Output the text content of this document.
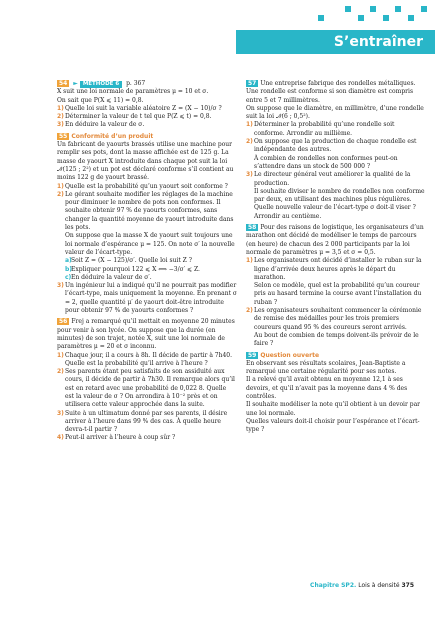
S’entraîner

54 ► MÉTHODE 6 p. 367

X suit une loi normale de paramètres μ = 10 et σ.

On sait que P(X ⩽ 11) = 0,8.

1) Quelle loi suit la variable aléatoire Z = (X − 10)/σ ?
2) Déterminer la valeur de t tel que P(Z ⩽ t) = 0,8.
3) En déduire la valeur de σ.

55 Conformité d’un produit

Un fabricant de yaourts brassés utilise une machine pour remplir ses pots, dont la masse affichée est de 125 g. La masse de yaourt X introduite dans chaque pot suit la loi 𝒩(125 ; 2²) et un pot est déclaré conforme s’il contient au moins 122 g de yaourt brassé.

1) Quelle est la probabilité qu’un yaourt soit conforme ?
2) Le gérant souhaite modifier les réglages de la machine pour diminuer le nombre de pots non conformes. Il souhaite obtenir 97 % de yaourts conformes, sans changer la quantité moyenne de yaourt introduite dans les pots.
On suppose que la masse X de yaourt suit toujours une loi normale d’espérance μ = 125. On note σ′ la nouvelle valeur de l’écart-type.
a) Soit Z = (X − 125)/σ′. Quelle loi suit Z ?
b)
Expliquer pourquoi 122 ⩽ X ⟺ −3/σ′ ⩽ Z.
c) En déduire la valeur de σ′.
3) Un ingénieur lui a indiqué qu’il ne pourrait pas modifier l’écart-type, mais uniquement la moyenne. En prenant σ = 2, quelle quantité μ′ de yaourt doit-être introduite pour obtenir 97 % de yaourts conformes ?

56 Frej a remarqué qu’il mettait en moyenne 20 minutes pour venir à son lycée. On suppose que la durée (en minutes) de son trajet, notée X, suit une loi normale de paramètres μ = 20 et σ inconnu.

1) Chaque jour, il a cours à 8h. Il décide de partir à 7h40. Quelle est la probabilité qu’il arrive à l’heure ?
2) Ses parents étant peu satisfaits de son assiduité aux cours, il décide de partir à 7h30. Il remarque alors qu’il est en retard avec une probabilité de 0,022 8. Quelle est la valeur de σ ? On arrondira à 10⁻² près et on utilisera cette valeur approchée dans la suite.
3) Suite à un ultimatum donné par ses parents, il désire arriver à l’heure dans 99 % des cas. À quelle heure devra-t-il partir ?
4) Peut-il arriver à l’heure à coup sûr ?

57 Une entreprise fabrique des rondelles métalliques. Une rondelle est conforme si son diamètre est compris entre 5 et 7 millimètres.

On suppose que le diamètre, en millimètre, d’une rondelle suit la loi 𝒩(6 ; 0,5²).

1) Déterminer la probabilité qu’une rondelle soit conforme. Arrondir au millième.
2) On suppose que la production de chaque rondelle est indépendante des autres.
À combien de rondelles non conformes peut-on s’attendre dans un stock de 500 000 ?
3) Le directeur général veut améliorer la qualité de la production.
Il souhaite diviser le nombre de rondelles non conforme par deux, en utilisant des machines plus régulières.
Quelle nouvelle valeur de l’écart-type σ doit-il viser ? Arrondir au centième.

58 Pour des raisons de logistique, les organisateurs d’un marathon ont décidé de modéliser le temps de parcours (en heure) de chacun des 2 000 participants par la loi normale de paramètres μ = 3,5 et σ = 0,5.

1) Les organisateurs ont décidé d’installer le ruban sur la ligne d’arrivée deux heures après le départ du marathon.
Selon ce modèle, quel est la probabilité qu’un coureur pris au hasard termine la course avant l’installation du ruban ?
2) Les organisateurs souhaitent commencer la cérémonie de remise des médailles pour les trois premiers coureurs quand 95 % des coureurs seront arrivés.
Au bout de combien de temps doivent-ils prévoir de le faire ?

59 Question ouverte

En observant ses résultats scolaires, Jean-Baptiste a remarqué une certaine régularité pour ses notes.

Il a relevé qu’il avait obtenu en moyenne 12,1 à ses devoirs, et qu’il n’avait pas la moyenne dans 4 % des contrôles.

Il souhaite modéliser la note qu’il obtient à un devoir par une loi normale.

Quelles valeurs doit-il choisir pour l’espérance et l’écart-type ?

Chapitre SP2. Lois à densité 375
